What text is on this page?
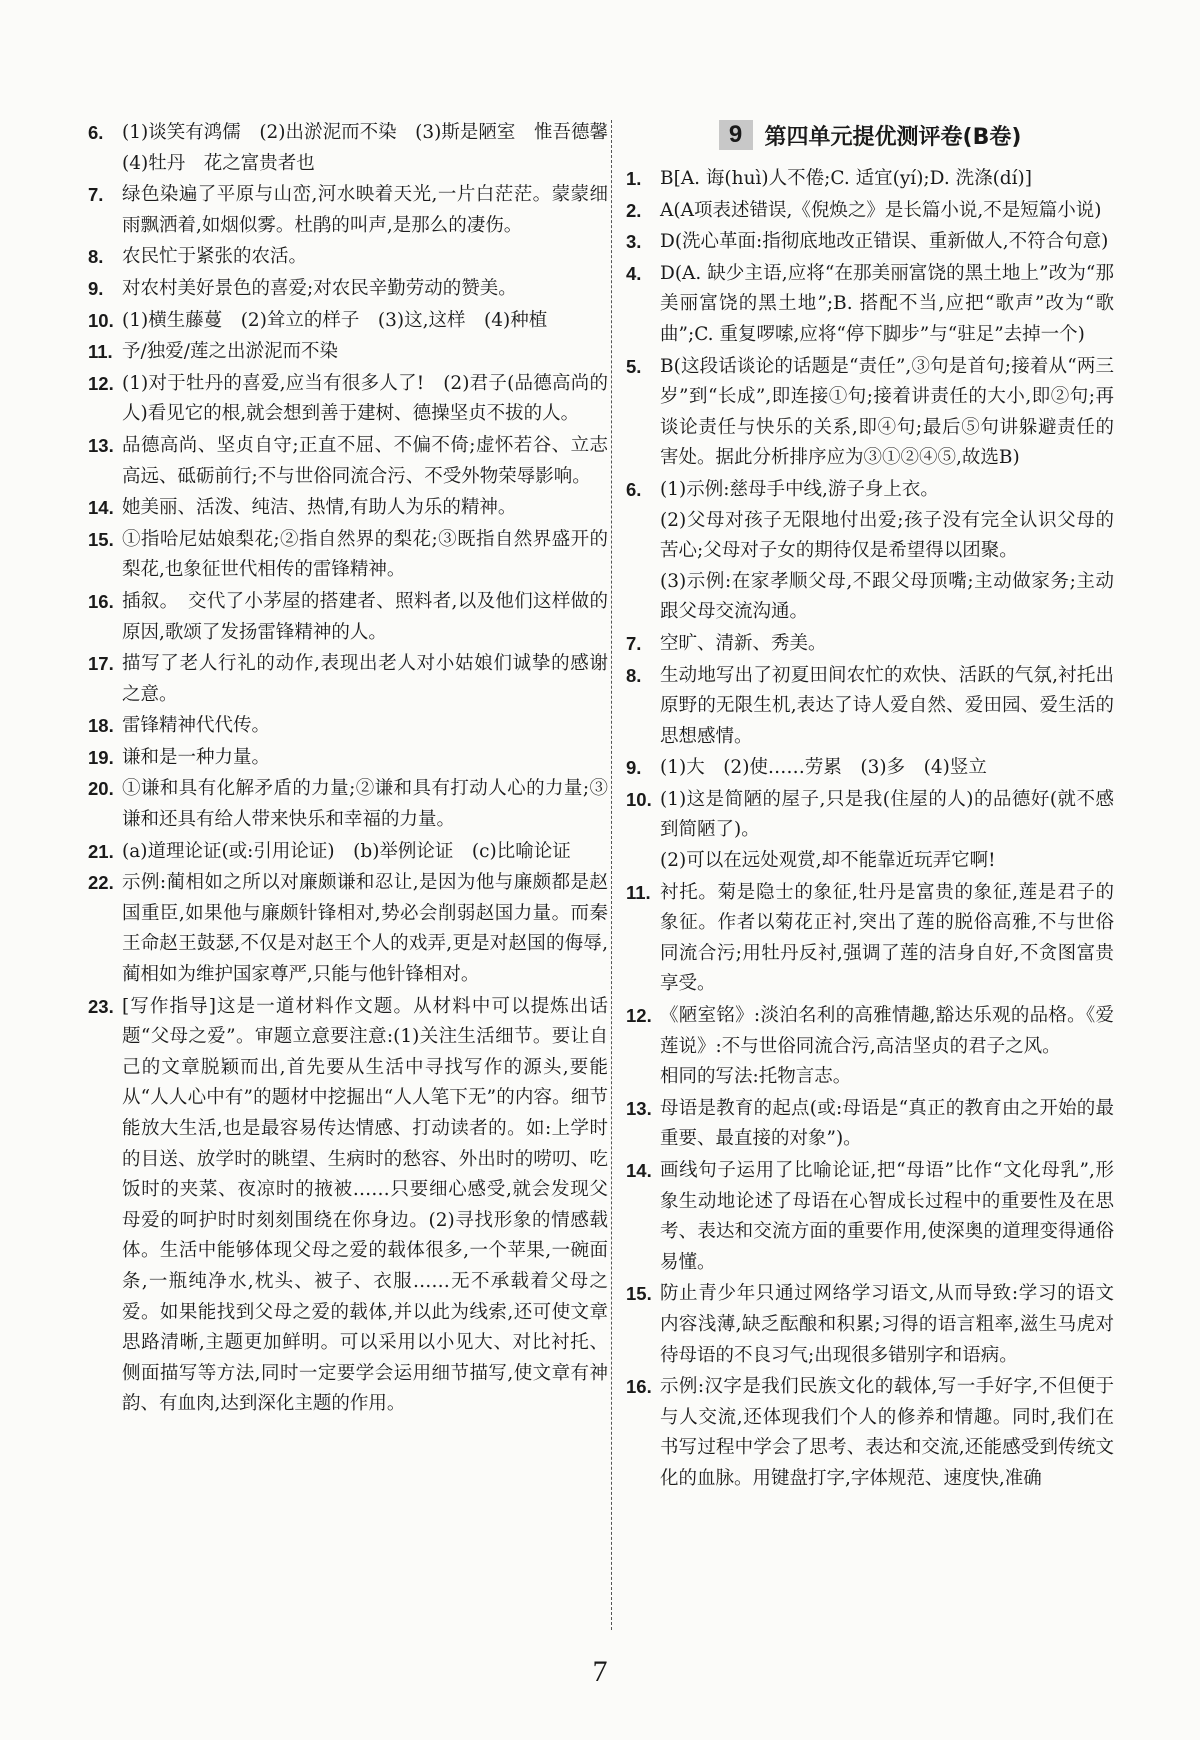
6. (1)谈笑有鸿儒　(2)出淤泥而不染　(3)斯是陋室　惟吾德馨　(4)牡丹　花之富贵者也
7. 绿色染遍了平原与山峦,河水映着天光,一片白茫茫。蒙蒙细雨飘洒着,如烟似雾。杜鹃的叫声,是那么的凄伤。
8. 农民忙于紧张的农活。
9. 对农村美好景色的喜爱;对农民辛勤劳动的赞美。
10. (1)横生藤蔓　(2)耸立的样子　(3)这,这样　(4)种植
11. 予/独爱/莲之出淤泥而不染
12. (1)对于牡丹的喜爱,应当有很多人了!　(2)君子(品德高尚的人)看见它的根,就会想到善于建树、德操坚贞不拔的人。
13. 品德高尚、坚贞自守;正直不屈、不偏不倚;虚怀若谷、立志高远、砥砺前行;不与世俗同流合污、不受外物荣辱影响。
14. 她美丽、活泼、纯洁、热情,有助人为乐的精神。
15. ①指哈尼姑娘梨花;②指自然界的梨花;③既指自然界盛开的梨花,也象征世代相传的雷锋精神。
16. 插叙。　交代了小茅屋的搭建者、照料者,以及他们这样做的原因,歌颂了发扬雷锋精神的人。
17. 描写了老人行礼的动作,表现出老人对小姑娘们诚挚的感谢之意。
18. 雷锋精神代代传。
19. 谦和是一种力量。
20. ①谦和具有化解矛盾的力量;②谦和具有打动人心的力量;③谦和还具有给人带来快乐和幸福的力量。
21. (a)道理论证(或:引用论证)　(b)举例论证　(c)比喻论证
22. 示例:蔺相如之所以对廉颇谦和忍让,是因为他与廉颇都是赵国重臣,如果他与廉颇针锋相对,势必会削弱赵国力量。而秦王命赵王鼓瑟,不仅是对赵王个人的戏弄,更是对赵国的侮辱,蔺相如为维护国家尊严,只能与他针锋相对。
23. [写作指导]这是一道材料作文题。从材料中可以提炼出话题“父母之爱”。审题立意要注意:(1)关注生活细节。要让自己的文章脱颖而出,首先要从生活中寻找写作的源头,要能从“人人心中有”的题材中挖掘出“人人笔下无”的内容。细节能放大生活,也是最容易传达情感、打动读者的。如:上学时的目送、放学时的眺望、生病时的愁容、外出时的唠叨、吃饭时的夹菜、夜凉时的掖被……只要细心感受,就会发现父母爱的呵护时时刻刻围绕在你身边。(2)寻找形象的情感载体。生活中能够体现父母之爱的载体很多,一个苹果,一碗面条,一瓶纯净水,枕头、被子、衣服……无不承载着父母之爱。如果能找到父母之爱的载体,并以此为线索,还可使文章思路清晰,主题更加鲜明。可以采用以小见大、对比衬托、侧面描写等方法,同时一定要学会运用细节描写,使文章有神韵、有血肉,达到深化主题的作用。
9	第四单元提优测评卷(B卷)
1. B[A. 诲(huì)人不倦;C. 适宜(yí);D. 洗涤(dí)]
2. A(A项表述错误,《倪焕之》是长篇小说,不是短篇小说)
3. D(洗心革面:指彻底地改正错误、重新做人,不符合句意)
4. D(A. 缺少主语,应将“在那美丽富饶的黑土地上”改为“那美丽富饶的黑土地”;B. 搭配不当,应把“歌声”改为“歌曲”;C. 重复啰嗦,应将“停下脚步”与“驻足”去掉一个)
5. B(这段话谈论的话题是“责任”,③句是首句;接着从“两三岁”到“长成”,即连接①句;接着讲责任的大小,即②句;再谈论责任与快乐的关系,即④句;最后⑤句讲躲避责任的害处。据此分析排序应为③①②④⑤,故选B)
6. (1)示例:慈母手中线,游子身上衣。
(2)父母对孩子无限地付出爱;孩子没有完全认识父母的苦心;父母对子女的期待仅是希望得以团聚。
(3)示例:在家孝顺父母,不跟父母顶嘴;主动做家务;主动跟父母交流沟通。
7. 空旷、清新、秀美。
8. 生动地写出了初夏田间农忙的欢快、活跃的气氛,衬托出原野的无限生机,表达了诗人爱自然、爱田园、爱生活的思想感情。
9. (1)大　(2)使……劳累　(3)多　(4)竖立
10. (1)这是简陋的屋子,只是我(住屋的人)的品德好(就不感到简陋了)。
(2)可以在远处观赏,却不能靠近玩弄它啊!
11. 衬托。菊是隐士的象征,牡丹是富贵的象征,莲是君子的象征。作者以菊花正衬,突出了莲的脱俗高雅,不与世俗同流合污;用牡丹反衬,强调了莲的洁身自好,不贪图富贵享受。
12. 《陋室铭》:淡泊名利的高雅情趣,豁达乐观的品格。《爱莲说》:不与世俗同流合污,高洁坚贞的君子之风。
相同的写法:托物言志。
13. 母语是教育的起点(或:母语是“真正的教育由之开始的最重要、最直接的对象”)。
14. 画线句子运用了比喻论证,把“母语”比作“文化母乳”,形象生动地论述了母语在心智成长过程中的重要性及在思考、表达和交流方面的重要作用,使深奥的道理变得通俗易懂。
15. 防止青少年只通过网络学习语文,从而导致:学习的语文内容浅薄,缺乏酝酿和积累;习得的语言粗率,滋生马虎对待母语的不良习气;出现很多错别字和语病。
16. 示例:汉字是我们民族文化的载体,写一手好字,不但便于与人交流,还体现我们个人的修养和情趣。同时,我们在书写过程中学会了思考、表达和交流,还能感受到传统文化的血脉。用键盘打字,字体规范、速度快,准确
7
